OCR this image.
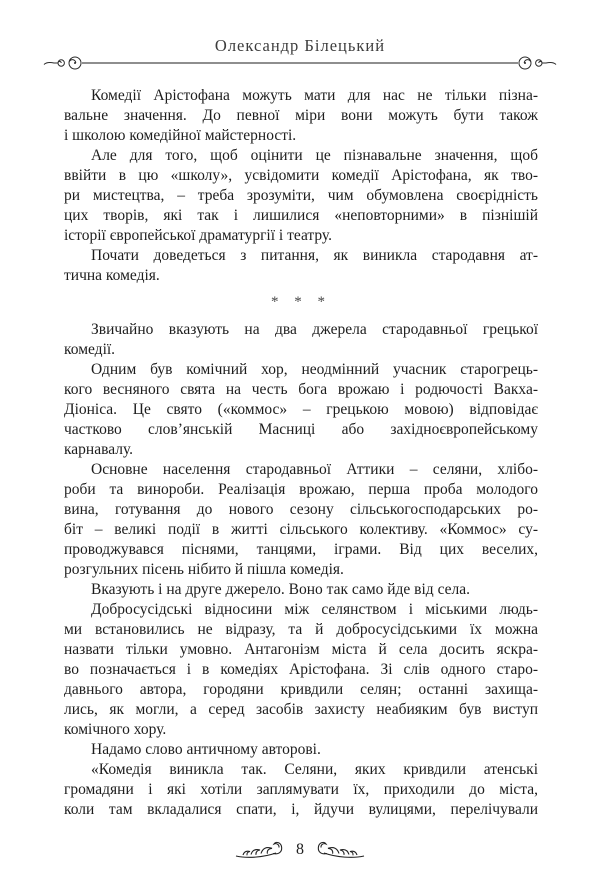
Олександр Білецький
Комедії Арістофана можуть мати для нас не тільки пізна-
вальне значення. До певної міри вони можуть бути також
і школою комедійної майстерності.
Але для того, щоб оцінити це пізнавальне значення, щоб
ввійти в цю «школу», усвідомити комедії Арістофана, як тво-
ри мистецтва, – треба зрозуміти, чим обумовлена своєрідність
цих творів, які так і лишилися «неповторними» в пізнішій
історії європейської драматургії і театру.
Почати доведеться з питання, як виникла стародавня ат-
тична комедія.
* * *
Звичайно вказують на два джерела стародавньої грецької
комедії.
Одним був комічний хор, неодмінний учасник старогрець-
кого весняного свята на честь бога врожаю і родючості Вакха-
Діоніса. Це свято («коммос» – грецькою мовою) відповідає
частково слов’янській Масниці або західноєвропейському
карнавалу.
Основне населення стародавньої Аттики – селяни, хлібо-
роби та винороби. Реалізація врожаю, перша проба молодого
вина, готування до нового сезону сільськогосподарських ро-
біт – великі події в житті сільського колективу. «Коммос» су-
проводжувався піснями, танцями, іграми. Від цих веселих,
розгульних пісень нібито й пішла комедія.
Вказують і на друге джерело. Воно так само йде від села.
Добросусідські відносини між селянством і міськими людь-
ми встановились не відразу, та й добросусідськими їх можна
назвати тільки умовно. Антагонізм міста й села досить яскра-
во позначається і в комедіях Арістофана. Зі слів одного старо-
давнього автора, городяни кривдили селян; останні захища-
лись, як могли, а серед засобів захисту неабияким був виступ
комічного хору.
Надамо слово античному авторові.
«Комедія виникла так. Селяни, яких кривдили атенські
громадяни і які хотіли заплямувати їх, приходили до міста,
коли там вкладалися спати, і, йдучи вулицями, перелічували
8
